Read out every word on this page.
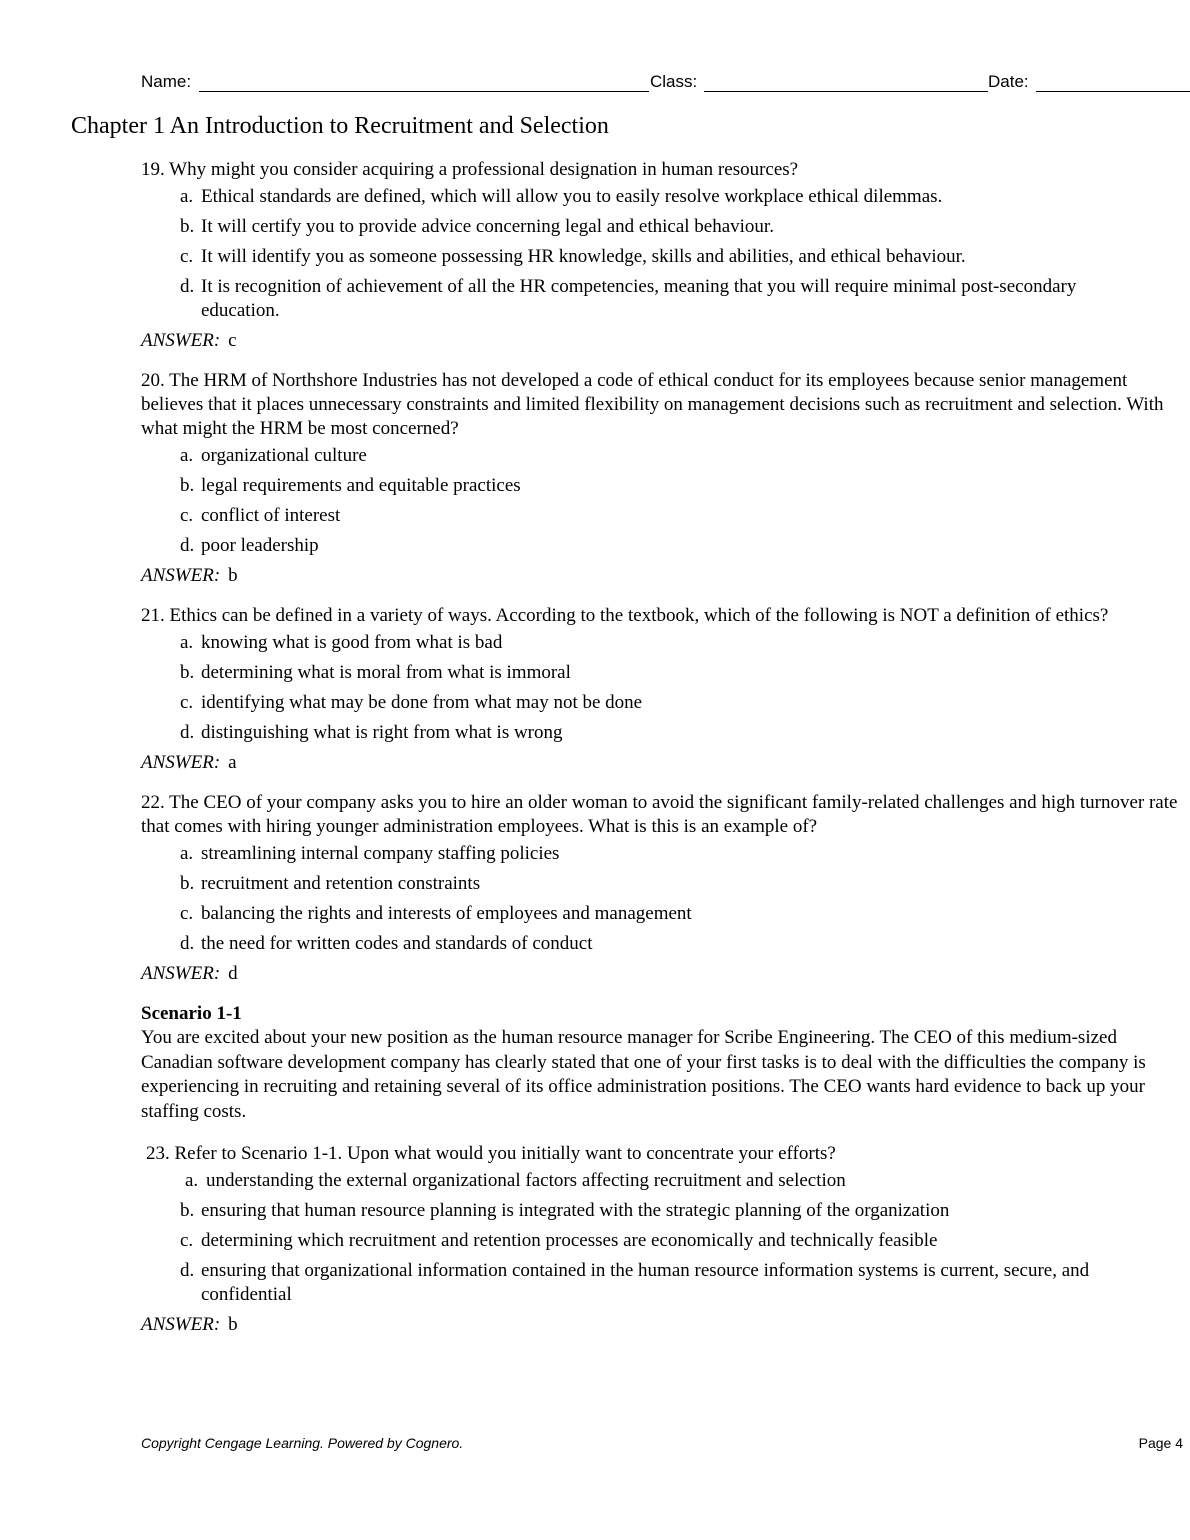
Name:	Class:	Date:
Chapter 1 An Introduction to Recruitment and Selection
19. Why might you consider acquiring a professional designation in human resources?
a. Ethical standards are defined, which will allow you to easily resolve workplace ethical dilemmas.
b. It will certify you to provide advice concerning legal and ethical behaviour.
c. It will identify you as someone possessing HR knowledge, skills and abilities, and ethical behaviour.
d. It is recognition of achievement of all the HR competencies, meaning that you will require minimal post-secondary education.
ANSWER: c
20. The HRM of Northshore Industries has not developed a code of ethical conduct for its employees because senior management believes that it places unnecessary constraints and limited flexibility on management decisions such as recruitment and selection. With what might the HRM be most concerned?
a. organizational culture
b. legal requirements and equitable practices
c. conflict of interest
d. poor leadership
ANSWER: b
21. Ethics can be defined in a variety of ways. According to the textbook, which of the following is NOT a definition of ethics?
a. knowing what is good from what is bad
b. determining what is moral from what is immoral
c. identifying what may be done from what may not be done
d. distinguishing what is right from what is wrong
ANSWER: a
22. The CEO of your company asks you to hire an older woman to avoid the significant family-related challenges and high turnover rate that comes with hiring younger administration employees. What is this is an example of?
a. streamlining internal company staffing policies
b. recruitment and retention constraints
c. balancing the rights and interests of employees and management
d. the need for written codes and standards of conduct
ANSWER: d
Scenario 1-1
You are excited about your new position as the human resource manager for Scribe Engineering. The CEO of this medium-sized Canadian software development company has clearly stated that one of your first tasks is to deal with the difficulties the company is experiencing in recruiting and retaining several of its office administration positions. The CEO wants hard evidence to back up your staffing costs.
23. Refer to Scenario 1-1. Upon what would you initially want to concentrate your efforts?
a. understanding the external organizational factors affecting recruitment and selection
b. ensuring that human resource planning is integrated with the strategic planning of the organization
c. determining which recruitment and retention processes are economically and technically feasible
d. ensuring that organizational information contained in the human resource information systems is current, secure, and confidential
ANSWER: b
Copyright Cengage Learning. Powered by Cognero.	Page 4
